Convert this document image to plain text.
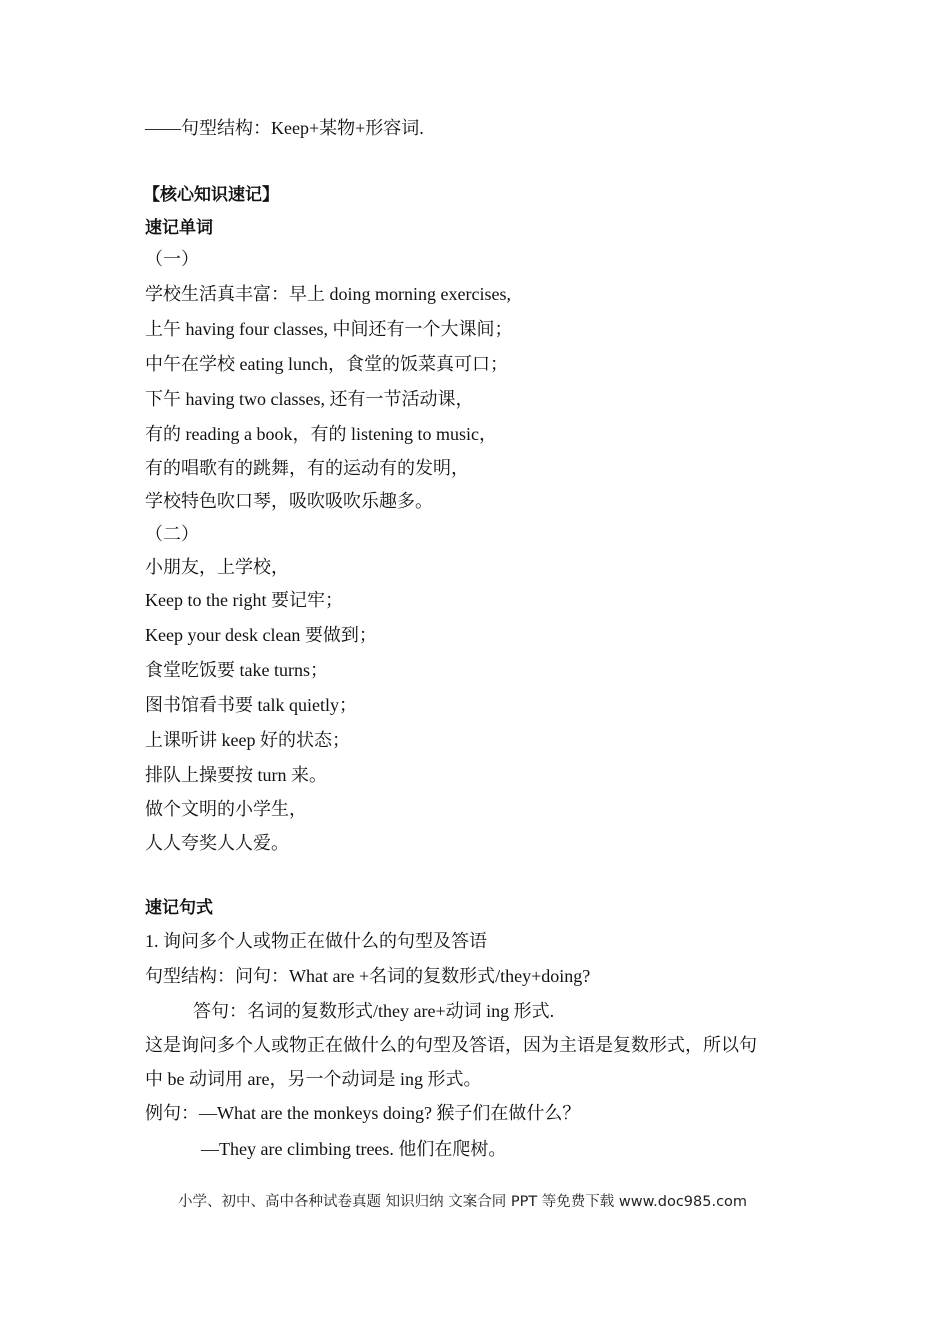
——句型结构：Keep+某物+形容词.
【核心知识速记】
速记单词
（一）
学校生活真丰富：早上 doing morning exercises,
上午 having four classes, 中间还有一个大课间；
中午在学校 eating lunch，食堂的饭菜真可口；
下午 having two classes, 还有一节活动课，
有的 reading a book，有的 listening to music，
有的唱歌有的跳舞，有的运动有的发明，
学校特色吹口琴，吸吹吸吹乐趣多。
（二）
小朋友，上学校，
Keep to the right 要记牢；
Keep your desk clean 要做到；
食堂吃饭要 take turns；
图书馆看书要 talk quietly；
上课听讲 keep 好的状态；
排队上操要按 turn 来。
做个文明的小学生，
人人夸奖人人爱。
速记句式
1. 询问多个人或物正在做什么的句型及答语
句型结构：问句：What are +名词的复数形式/they+doing?
答句：名词的复数形式/they are+动词 ing 形式.
这是询问多个人或物正在做什么的句型及答语，因为主语是复数形式，所以句
中 be 动词用 are，另一个动词是 ing 形式。
例句：—What are the monkeys doing? 猴子们在做什么？
—They are climbing trees. 他们在爬树。
小学、初中、高中各种试卷真题 知识归纳 文案合同 PPT 等免费下载 www.doc985.com
